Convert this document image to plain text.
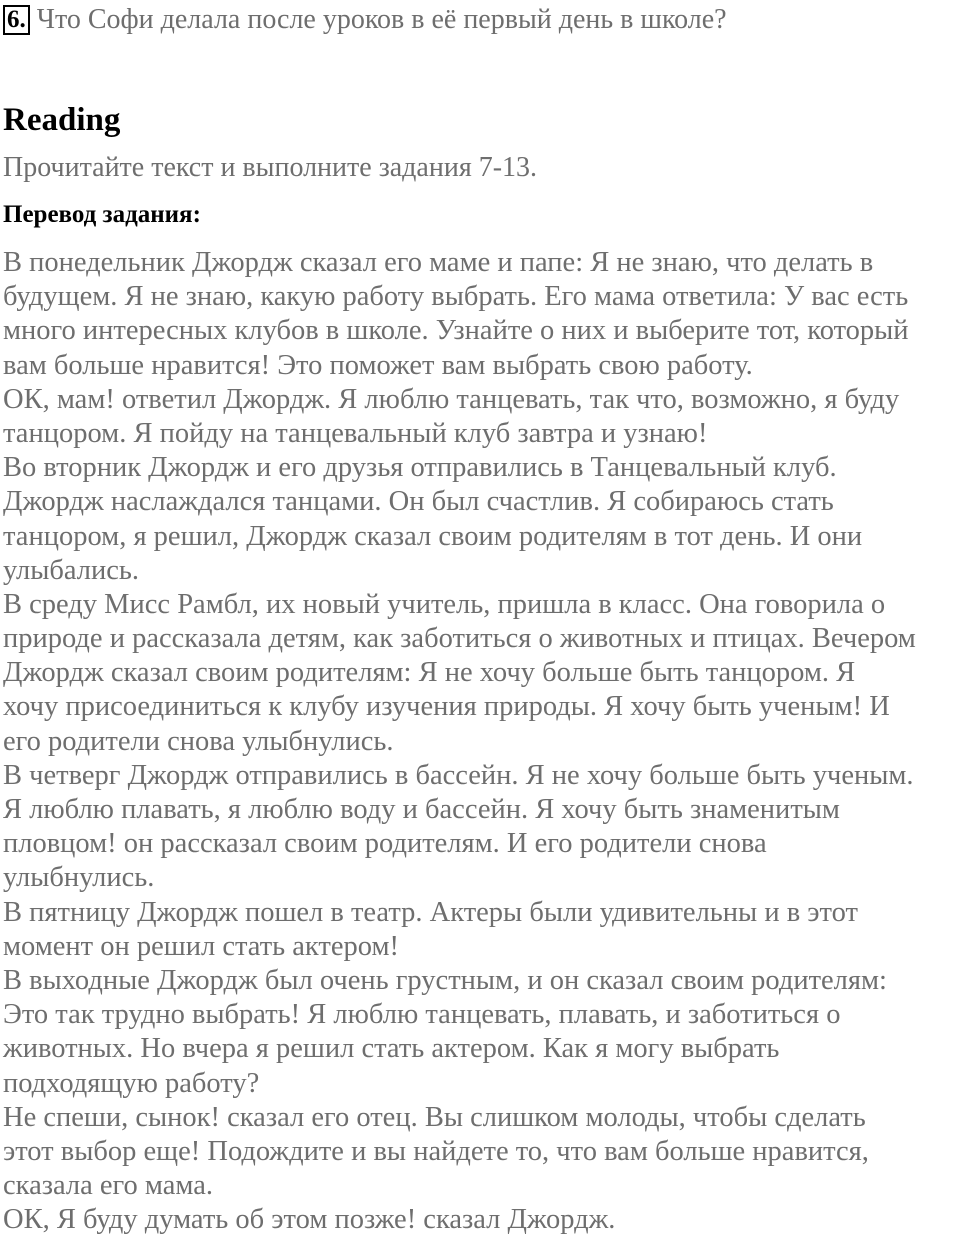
6. Что Софи делала после уроков в её первый день в школе?
Reading

Прочитайте текст и выполните задания 7-13.

Перевод задания:

В понедельник Джордж сказал его маме и папе: Я не знаю, что делать в
будущем. Я не знаю, какую работу выбрать. Его мама ответила: У вас есть
много интересных клубов в школе. Узнайте о них и выберите тот, который
вам больше нравится! Это поможет вам выбрать свою работу.
ОК, мам! ответил Джордж. Я люблю танцевать, так что, возможно, я буду
танцором. Я пойду на танцевальный клуб завтра и узнаю!
Во вторник Джордж и его друзья отправились в Танцевальный клуб.
Джордж наслаждался танцами. Он был счастлив. Я собираюсь стать
танцором, я решил, Джордж сказал своим родителям в тот день. И они
улыбались.
В среду Мисс Рамбл, их новый учитель, пришла в класс. Она говорила о
природе и рассказала детям, как заботиться о животных и птицах. Вечером
Джордж сказал своим родителям: Я не хочу больше быть танцором. Я
хочу присоединиться к клубу изучения природы. Я хочу быть ученым! И
его родители снова улыбнулись.
В четверг Джордж отправились в бассейн. Я не хочу больше быть ученым.
Я люблю плавать, я люблю воду и бассейн. Я хочу быть знаменитым
пловцом! он рассказал своим родителям. И его родители снова
улыбнулись.
В пятницу Джордж пошел в театр. Актеры были удивительны и в этот
момент он решил стать актером!
В выходные Джордж был очень грустным, и он сказал своим родителям:
Это так трудно выбрать! Я люблю танцевать, плавать, и заботиться о
животных. Но вчера я решил стать актером. Как я могу выбрать
подходящую работу?
Не спеши, сынок! сказал его отец. Вы слишком молоды, чтобы сделать
этот выбор еще! Подождите и вы найдете то, что вам больше нравится,
сказала его мама.
ОК, Я буду думать об этом позже! сказал Джордж.
